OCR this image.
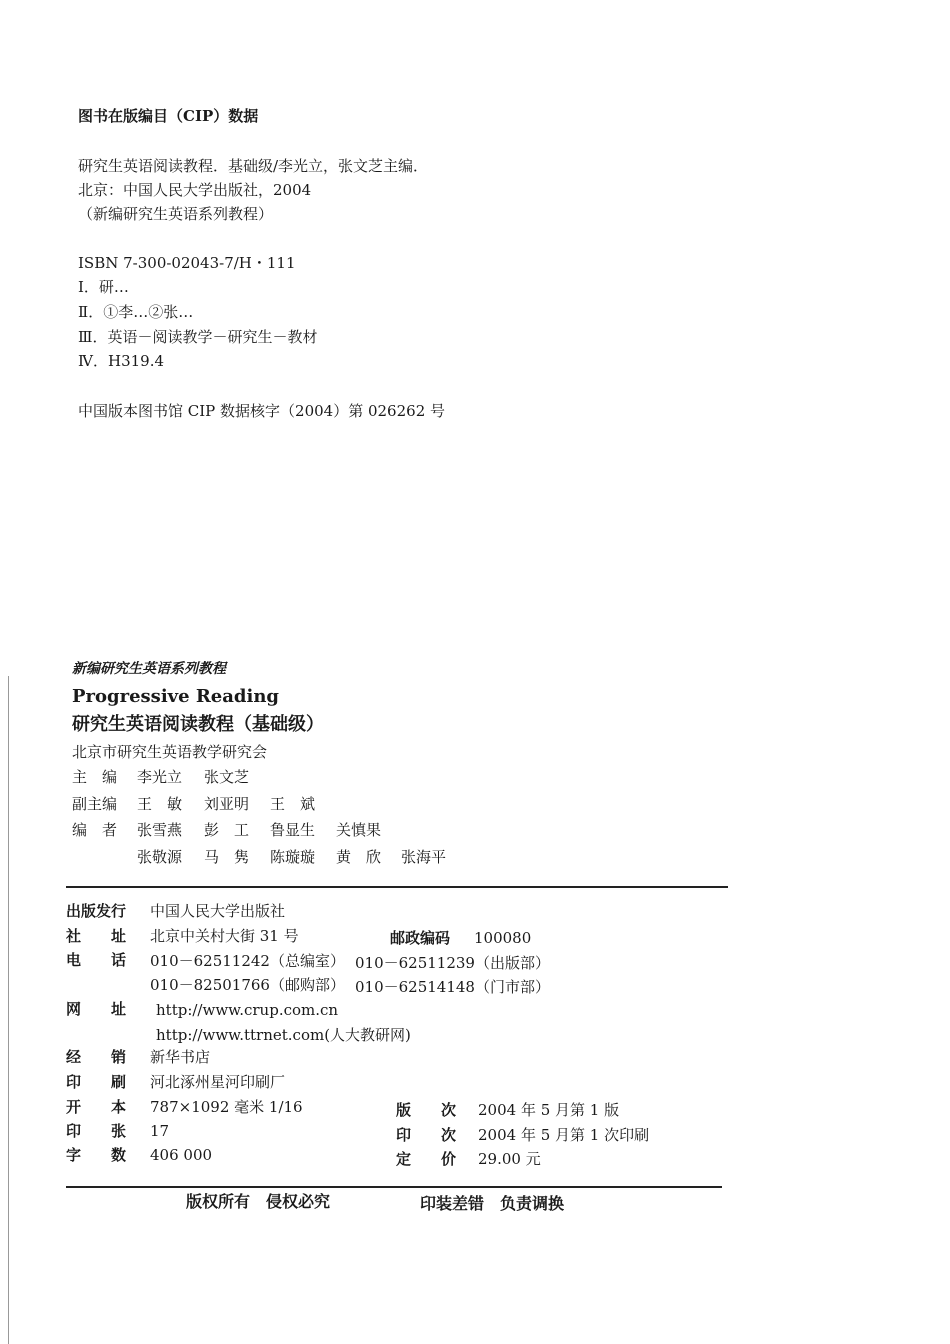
图书在版编目（CIP）数据
研究生英语阅读教程．基础级/李光立，张文芝主编．
北京：中国人民大学出版社，2004
（新编研究生英语系列教程）
ISBN 7-300-02043-7/H・111
Ⅰ．研…
Ⅱ．①李…②张…
Ⅲ．英语－阅读教学－研究生－教材
Ⅳ．H319.4
中国版本图书馆 CIP 数据核字（2004）第 026262 号
新编研究生英语系列教程
Progressive Reading
研究生英语阅读教程（基础级）
北京市研究生英语教学研究会
主　编 李光立 张文芝
副主编 王　敏 刘亚明 王　斌
编　者 张雪燕 彭　工 鲁显生 关慎果
张敬源 马　隽 陈璇璇 黄　欣 张海平
出版发行 中国人民大学出版社
社　　址 北京中关村大街 31 号	邮政编码 100080
电　　话 010－62511242（总编室） 010－62511239（出版部）
010－82501766（邮购部） 010－62514148（门市部）
网　　址 http://www.crup.com.cn
http://www.ttrnet.com(人大教研网)
经　　销 新华书店
印　　刷 河北涿州星河印刷厂
开　　本 787×1092 毫米 1/16	版　　次 2004 年 5 月第 1 版
印　　张 17	印　　次 2004 年 5 月第 1 次印刷
字　　数 406 000	定　　价 29.00 元
版权所有　侵权必究	印装差错　负责调换
